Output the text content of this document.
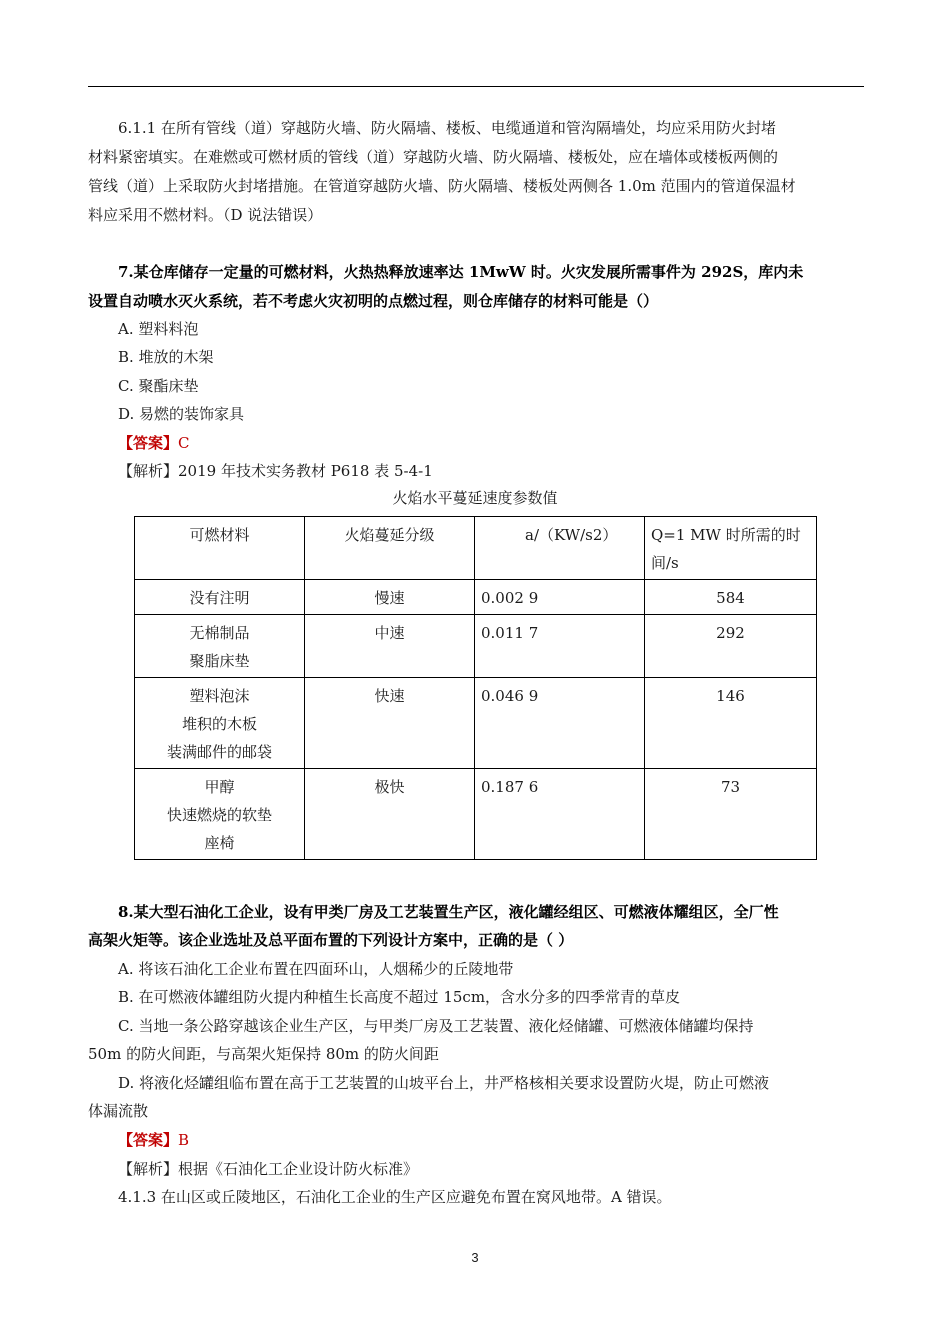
6.1.1 在所有管线（道）穿越防火墙、防火隔墙、楼板、电缆通道和管沟隔墙处，均应采用防火封堵
材料紧密填实。在难燃或可燃材质的管线（道）穿越防火墙、防火隔墙、楼板处，应在墙体或楼板两侧的
管线（道）上采取防火封堵措施。在管道穿越防火墙、防火隔墙、楼板处两侧各 1.0m 范围内的管道保温材
料应采用不燃材料。（D 说法错误）
7.某仓库储存一定量的可燃材料，火热热释放速率达 1MwW 时。火灾发展所需事件为 292S，库内未
设置自动喷水灭火系统，若不考虑火灾初明的点燃过程，则仓库储存的材料可能是（）
A. 塑料料泡
B. 堆放的木架
C. 聚酯床垫
D. 易燃的装饰家具
【答案】C
【解析】2019 年技术实务教材 P618 表 5-4-1
火焰水平蔓延速度参数值
可燃材料	火焰蔓延分级	a/（KW/s2）	Q=1 MW 时所需的时间/s

没有注明	慢速	0.002 9	584

无棉制品
聚脂床垫	中速	0.011 7	292

塑料泡沫
堆积的木板
装满邮件的邮袋	快速	0.046 9	146

甲醇
快速燃烧的软垫
座椅	极快	0.187 6	73
8.某大型石油化工企业，设有甲类厂房及工艺装置生产区，液化罐经组区、可燃液体耀组区，全厂性
高架火矩等。该企业选址及总平面布置的下列设计方案中，正确的是（ ）
A. 将该石油化工企业布置在四面环山，人烟稀少的丘陵地带
B. 在可燃液体罐组防火提内种植生长高度不超过 15cm，含水分多的四季常青的草皮
C. 当地一条公路穿越该企业生产区，与甲类厂房及工艺装置、液化烃储罐、可燃液体储罐均保持
50m 的防火间距，与高架火矩保持 80m 的防火间距
D. 将液化烃罐组临布置在高于工艺装置的山坡平台上，井严格核相关要求设置防火堤，防止可燃液
体漏流散
【答案】B
【解析】根据《石油化工企业设计防火标准》
4.1.3 在山区或丘陵地区，石油化工企业的生产区应避免布置在窝风地带。A 错误。
3
